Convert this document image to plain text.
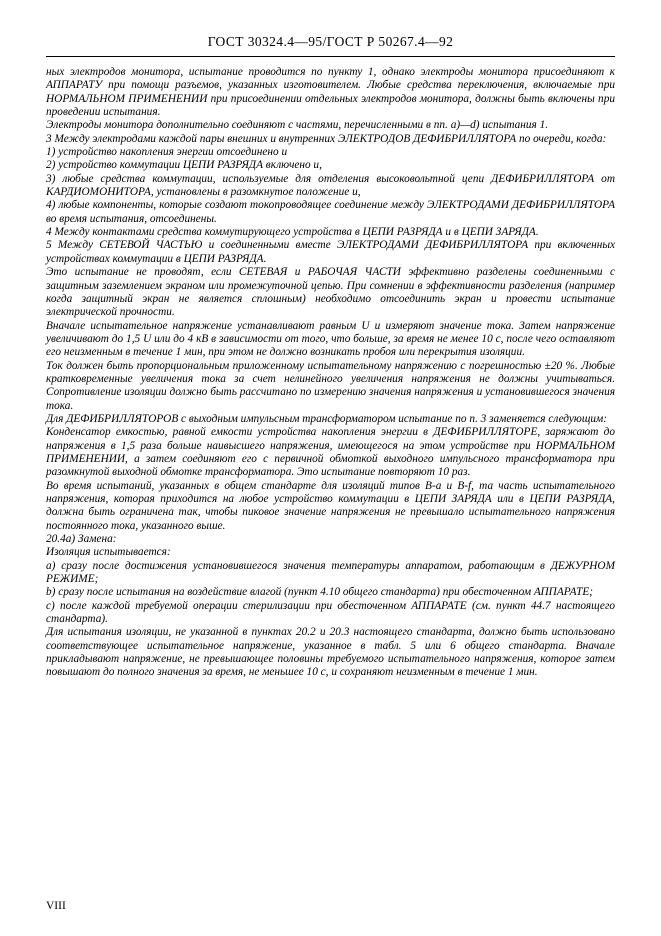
ГОСТ 30324.4—95/ГОСТ Р 50267.4—92

ных электродов монитора, испытание проводится по пункту 1, однако электроды монитора присоединяют к АППАРАТУ при помощи разъемов, указанных изготовителем. Любые средства переключения, включаемые при НОРМАЛЬНОМ ПРИМЕНЕНИИ при присоединении отдельных электродов монитора, должны быть включены при проведении испытания.

Электроды монитора дополнительно соединяют с частями, перечисленными в пп. a)—d) испытания 1.

3 Между электродами каждой пары внешних и внутренних ЭЛЕКТРОДОВ ДЕФИБРИЛЛЯТОРА по очереди, когда:

1) устройство накопления энергии отсоединено и

2) устройство коммутации ЦЕПИ РАЗРЯДА включено и,

3) любые средства коммутации, используемые для отделения высоковольтной цепи ДЕФИБРИЛЛЯТОРА от КАРДИОМОНИТОРА, установлены в разомкнутое положение и,

4) любые компоненты, которые создают токопроводящее соединение между ЭЛЕКТРОДАМИ ДЕФИБРИЛЛЯТОРА во время испытания, отсоединены.

4 Между контактами средства коммутирующего устройства в ЦЕПИ РАЗРЯДА и в ЦЕПИ ЗАРЯДА.

5 Между СЕТЕВОЙ ЧАСТЬЮ и соединенными вместе ЭЛЕКТРОДАМИ ДЕФИБРИЛЛЯТОРА при включенных устройствах коммутации в ЦЕПИ РАЗРЯДА.

Это испытание не проводят, если СЕТЕВАЯ и РАБОЧАЯ ЧАСТИ эффективно разделены соединенными с защитным заземлением экраном или промежуточной цепью. При сомнении в эффективности разделения (например когда защитный экран не является сплошным) необходимо отсоединить экран и провести испытание электрической прочности.

Вначале испытательное напряжение устанавливают равным U и измеряют значение тока. Затем напряжение увеличивают до 1,5 U или до 4 кВ в зависимости от того, что больше, за время не менее 10 с, после чего оставляют его неизменным в течение 1 мин, при этом не должно возникать пробоя или перекрытия изоляции.

Ток должен быть пропорциональным приложенному испытательному напряжению с погрешностью ±20 %. Любые кратковременные увеличения тока за счет нелинейного увеличения напряжения не должны учитываться. Сопротивление изоляции должно быть рассчитано по измерению значения напряжения и установившегося значения тока.

Для ДЕФИБРИЛЛЯТОРОВ с выходным импульсным трансформатором испытание по п. 3 заменяется следующим:

Конденсатор емкостью, равной емкости устройства накопления энергии в ДЕФИБРИЛЛЯТОРЕ, заряжают до напряжения в 1,5 раза больше наивысшего напряжения, имеющегося на этом устройстве при НОРМАЛЬНОМ ПРИМЕНЕНИИ, а затем соединяют его с первичной обмоткой выходного импульсного трансформатора при разомкнутой выходной обмотке трансформатора. Это испытание повторяют 10 раз.

Во время испытаний, указанных в общем стандарте для изоляций типов B-a и B-f, та часть испытательного напряжения, которая приходится на любое устройство коммутации в ЦЕПИ ЗАРЯДА или в ЦЕПИ РАЗРЯДА, должна быть ограничена так, чтобы пиковое значение напряжения не превышало испытательного напряжения постоянного тока, указанного выше.

20.4a) Замена:

Изоляция испытывается:

a) сразу после достижения установившегося значения температуры аппаратом, работающим в ДЕЖУРНОМ РЕЖИМЕ;

b) сразу после испытания на воздействие влагой (пункт 4.10 общего стандарта) при обесточенном АППАРАТЕ;

c) после каждой требуемой операции стерилизации при обесточенном АППАРАТЕ (см. пункт 44.7 настоящего стандарта).

Для испытания изоляции, не указанной в пунктах 20.2 и 20.3 настоящего стандарта, должно быть использовано соответствующее испытательное напряжение, указанное в табл. 5 или 6 общего стандарта. Вначале прикладывают напряжение, не превышающее половины требуемого испытательного напряжения, которое затем повышают до полного значения за время, не меньшее 10 с, и сохраняют неизменным в течение 1 мин.

VIII
